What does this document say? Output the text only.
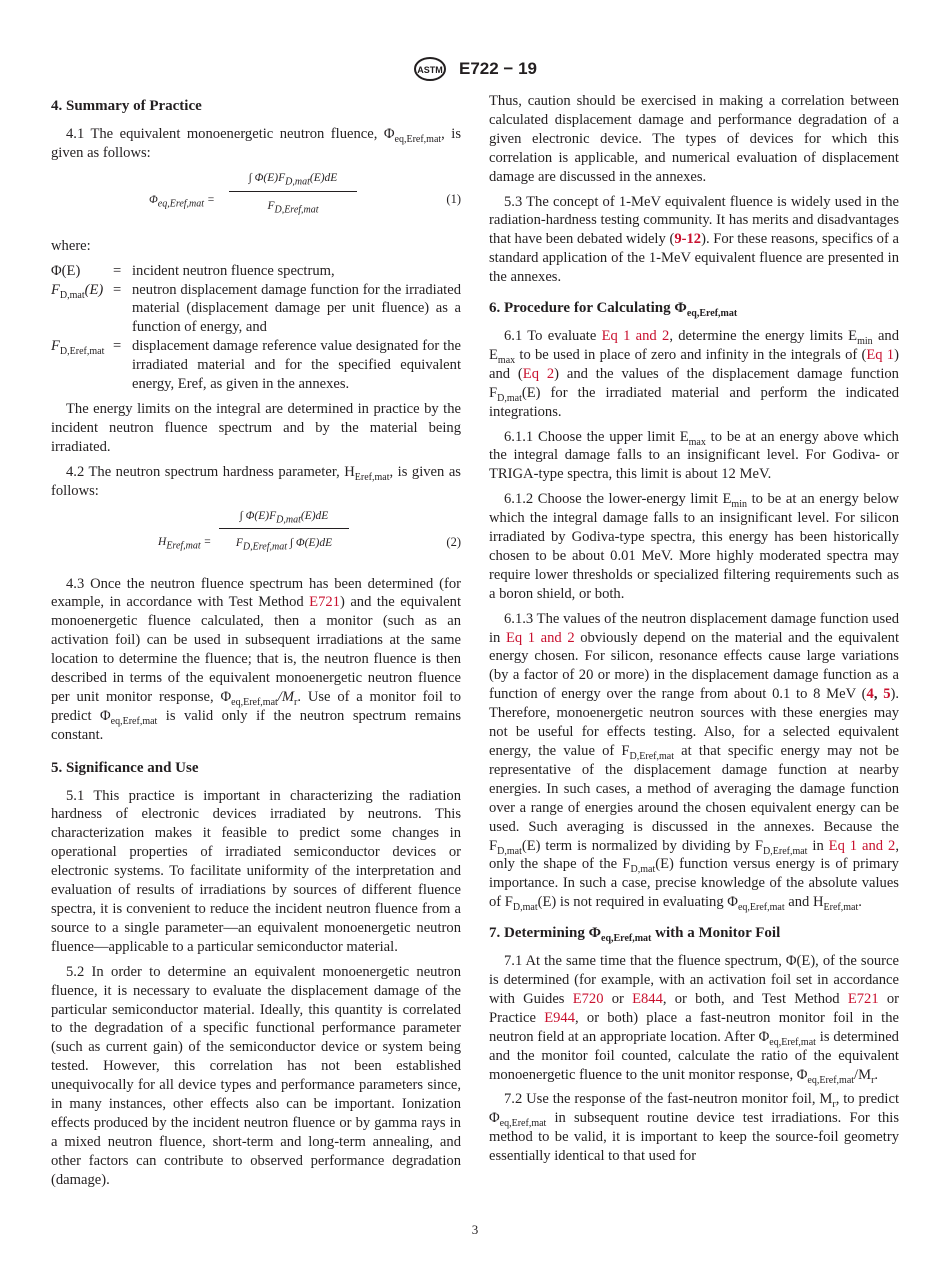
ASTM E722 − 19
4. Summary of Practice

4.1 The equivalent monoenergetic neutron fluence, $\Phi_{eq,Eref,mat}$, is given as follows:

$\Phi_{eq,Eref,mat}$ =
∫ $\Phi(E)F_{D,mat}(E)dE$
$F_{D,Eref,mat}$
(1)

where:

Φ(E)	= incident neutron fluence spectrum,
$F_{D,mat}(E)$ = neutron displacement damage function for the irradiated material (displacement damage per unit fluence) as a function of energy, and
$F_{D,Eref,mat}$ = displacement damage reference value designated for the irradiated material and for the specified equivalent energy, Eref, as given in the annexes.

The energy limits on the integral are determined in practice by the incident neutron fluence spectrum and by the material being irradiated.

4.2 The neutron spectrum hardness parameter, $H_{Eref,mat}$, is given as follows:

$H_{Eref,mat}$ =
∫ $\Phi(E)F_{D,mat}(E)dE$
$F_{D,Eref,mat}$ ∫ Φ(E)dE	(2)

4.3 Once the neutron fluence spectrum has been determined (for example, in accordance with Test Method E721) and the equivalent monoenergetic fluence calculated, then a monitor (such as an activation foil) can be used in subsequent irradiations at the same location to determine the fluence; that is, the neutron fluence is then described in terms of the equivalent monoenergetic neutron fluence per unit monitor response, $\Phi_{eq,Eref,mat}/M_r$. Use of a monitor foil to predict $\Phi_{eq,Eref,mat}$ is valid only if the neutron spectrum remains constant.

5. Significance and Use

5.1 This practice is important in characterizing the radiation hardness of electronic devices irradiated by neutrons. This characterization makes it feasible to predict some changes in operational properties of irradiated semiconductor devices or electronic systems. To facilitate uniformity of the interpretation and evaluation of results of irradiations by sources of different fluence spectra, it is convenient to reduce the incident neutron fluence from a source to a single parameter—an equivalent monoenergetic neutron fluence—applicable to a particular semiconductor material.

5.2 In order to determine an equivalent monoenergetic neutron fluence, it is necessary to evaluate the displacement damage of the particular semiconductor material. Ideally, this quantity is correlated to the degradation of a specific functional performance parameter (such as current gain) of the semiconductor device or system being tested. However, this correlation has not been established unequivocally for all device types and performance parameters since, in many instances, other effects also can be important. Ionization effects produced by the incident neutron fluence or by gamma rays in a mixed neutron fluence, short-term and long-term annealing, and other factors can contribute to observed performance degradation (damage).

Thus, caution should be exercised in making a correlation between calculated displacement damage and performance degradation of a given electronic device. The types of devices for which this correlation is applicable, and numerical evaluation of displacement damage are discussed in the annexes.

5.3 The concept of 1-MeV equivalent fluence is widely used in the radiation-hardness testing community. It has merits and disadvantages that have been debated widely (9-12). For these reasons, specifics of a standard application of the 1-MeV equivalent fluence are presented in the annexes.

6. Procedure for Calculating $\Phi_{eq,Eref,mat}$

6.1 To evaluate Eq 1 and 2, determine the energy limits $E_{min}$ and $E_{max}$ to be used in place of zero and infinity in the integrals of (Eq 1) and (Eq 2) and the values of the displacement damage function $F_{D,mat}(E)$ for the irradiated material and perform the indicated integrations.

6.1.1 Choose the upper limit $E_{max}$ to be at an energy above which the integral damage falls to an insignificant level. For Godiva- or TRIGA-type spectra, this limit is about 12 MeV.

6.1.2 Choose the lower-energy limit $E_{min}$ to be at an energy below which the integral damage falls to an insignificant level. For silicon irradiated by Godiva-type spectra, this energy has been historically chosen to be about 0.01 MeV. More highly moderated spectra may require lower thresholds or specialized filtering requirements such as a boron shield, or both.

6.1.3 The values of the neutron displacement damage function used in Eq 1 and 2 obviously depend on the material and the equivalent energy chosen. For silicon, resonance effects cause large variations (by a factor of 20 or more) in the displacement damage function as a function of energy over the range from about 0.1 to 8 MeV (4, 5). Therefore, monoenergetic neutron sources with these energies may not be useful for effects testing. Also, for a selected equivalent energy, the value of $F_{D,Eref,mat}$ at that specific energy may not be representative of the displacement damage function at nearby energies. In such cases, a method of averaging the damage function over a range of energies around the chosen equivalent energy can be used. Such averaging is discussed in the annexes. Because the $F_{D,mat}(E)$ term is normalized by dividing by $F_{D,Eref,mat}$ in Eq 1 and 2, only the shape of the $F_{D,mat}(E)$ function versus energy is of primary importance. In such a case, precise knowledge of the absolute values of $F_{D,mat}(E)$ is not required in evaluating $\Phi_{eq,Eref,mat}$ and $H_{Eref,mat}$.

7. Determining $\Phi_{eq,Eref,mat}$ with a Monitor Foil

7.1 At the same time that the fluence spectrum, Φ(E), of the source is determined (for example, with an activation foil set in accordance with Guides E720 or E844, or both, and Test Method E721 or Practice E944, or both) place a fast-neutron monitor foil in the neutron field at an appropriate location. After $\Phi_{eq,Eref,mat}$ is determined and the monitor foil counted, calculate the ratio of the equivalent monoenergetic fluence to the unit monitor response, $\Phi_{eq,Eref,mat}/M_r$.

7.2 Use the response of the fast-neutron monitor foil, $M_r$, to predict $\Phi_{eq,Eref,mat}$ in subsequent routine device test irradiations. For this method to be valid, it is important to keep the source-foil geometry essentially identical to that used for

3
